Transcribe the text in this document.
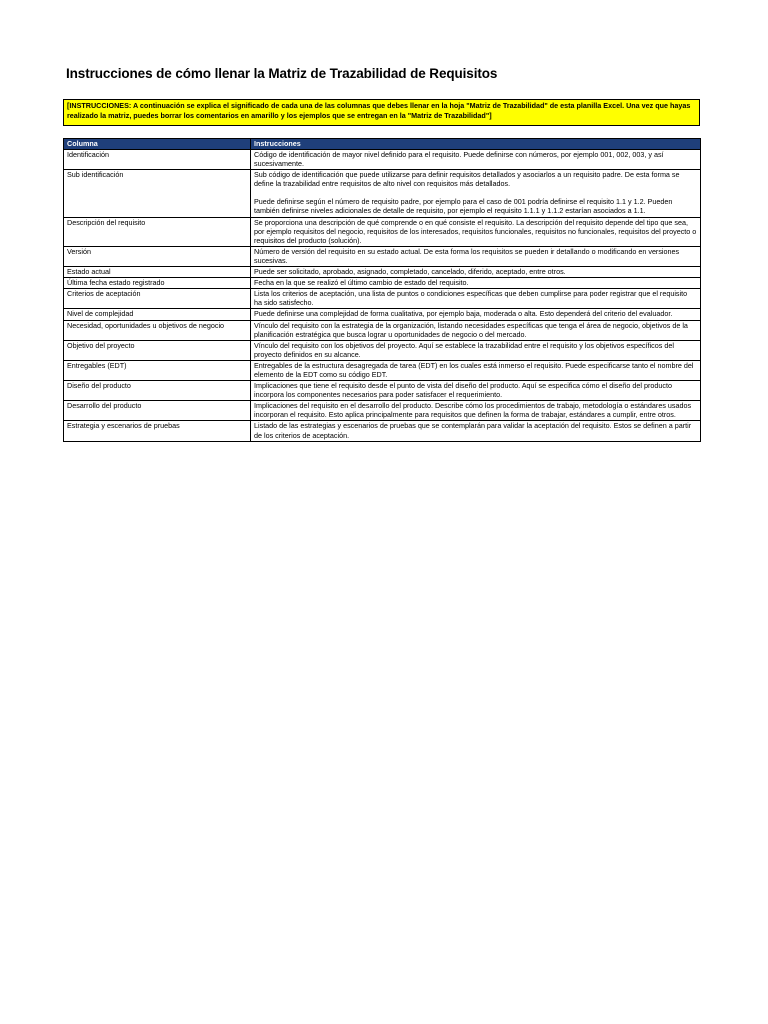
Instrucciones de cómo llenar la Matriz de Trazabilidad de Requisitos
[INSTRUCCIONES: A continuación se explica el significado de cada una de las columnas que debes llenar en la hoja "Matriz de Trazabilidad" de esta planilla Excel. Una vez que hayas realizado la matriz, puedes borrar los comentarios en amarillo y los ejemplos que se entregan en la "Matriz de Trazabilidad"]
Columna	Instrucciones
Identificación	Código de identificación de mayor nivel definido para el requisito. Puede definirse con números, por ejemplo 001, 002, 003, y así sucesivamente.

Sub identificación	Sub código de identificación que puede utilizarse para definir requisitos detallados y asociarlos a un requisito padre. De esta forma se define la trazabilidad entre requisitos de alto nivel con requisitos más detallados.

Puede definirse según el número de requisito padre, por ejemplo para el caso de 001 podría definirse el requisito 1.1 y 1.2. Pueden también definirse niveles adicionales de detalle de requisito, por ejemplo el requisito 1.1.1 y 1.1.2 estarían asociados a 1.1.

Descripción del requisito	Se proporciona una descripción de qué comprende o en qué consiste el requisito. La descripción del requisito depende del tipo que sea, por ejemplo requisitos del negocio, requisitos de los interesados, requisitos funcionales, requisitos no funcionales, requisitos del proyecto o requisitos del producto (solución).

Versión	Número de versión del requisito en su estado actual. De esta forma los requisitos se pueden ir detallando o modificando en versiones sucesivas.

Estado actual	Puede ser solicitado, aprobado, asignado, completado, cancelado, diferido, aceptado, entre otros.

Última fecha estado registrado	Fecha en la que se realizó el último cambio de estado del requisito.

Criterios de aceptación	Lista los criterios de aceptación, una lista de puntos o condiciones específicas que deben cumplirse para poder registrar que el requisito ha sido satisfecho.

Nivel de complejidad	Puede definirse una complejidad de forma cualitativa, por ejemplo baja, moderada o alta. Esto dependerá del criterio del evaluador.

Necesidad, oportunidades u objetivos de negocio	Vínculo del requisito con la estrategia de la organización, listando necesidades específicas que tenga el área de negocio, objetivos de la planificación estratégica que busca lograr u oportunidades de negocio o del mercado.

Objetivo del proyecto	Vínculo del requisito con los objetivos del proyecto. Aquí se establece la trazabilidad entre el requisito y los objetivos específicos del proyecto definidos en su alcance.

Entregables (EDT)	Entregables de la estructura desagregada de tarea (EDT) en los cuales está inmerso el requisito. Puede especificarse tanto el nombre del elemento de la EDT como su código EDT.

Diseño del producto	Implicaciones que tiene el requisito desde el punto de vista del diseño del producto. Aquí se especifica cómo el diseño del producto incorpora los componentes necesarios para poder satisfacer el requerimiento.

Desarrollo del producto	Implicaciones del requisito en el desarrollo del producto. Describe cómo los procedimientos de trabajo, metodología o estándares usados incorporan el requisito. Esto aplica principalmente para requisitos que definen la forma de trabajar, estándares a cumplir, entre otros.

Estrategia y escenarios de pruebas	Listado de las estrategias y escenarios de pruebas que se contemplarán para validar la aceptación del requisito. Estos se definen a partir de los criterios de aceptación.
